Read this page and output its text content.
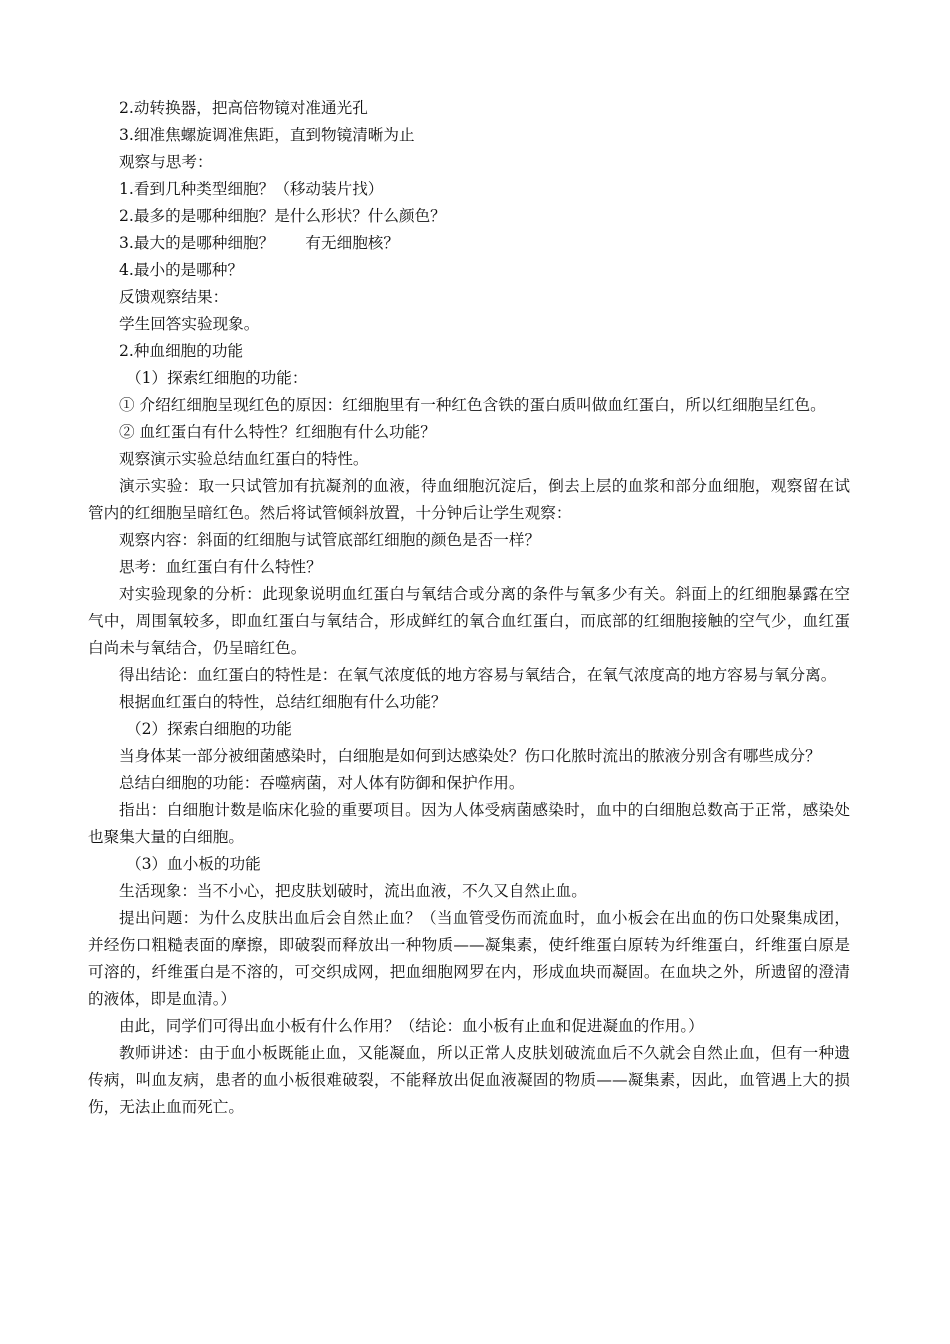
2.动转换器，把高倍物镜对准通光孔

3.细准焦螺旋调准焦距，直到物镜清晰为止

观察与思考：

1.看到几种类型细胞？（移动装片找）

2.最多的是哪种细胞？是什么形状？什么颜色？

3.最大的是哪种细胞？　　有无细胞核？

4.最小的是哪种？

反馈观察结果：

学生回答实验现象。

2.种血细胞的功能

（1）探索红细胞的功能：

① 介绍红细胞呈现红色的原因：红细胞里有一种红色含铁的蛋白质叫做血红蛋白，所以红细胞呈红色。

② 血红蛋白有什么特性？红细胞有什么功能？

观察演示实验总结血红蛋白的特性。

演示实验：取一只试管加有抗凝剂的血液，待血细胞沉淀后，倒去上层的血浆和部分血细胞，观察留在试管内的红细胞呈暗红色。然后将试管倾斜放置，十分钟后让学生观察：

观察内容：斜面的红细胞与试管底部红细胞的颜色是否一样？

思考：血红蛋白有什么特性？

对实验现象的分析：此现象说明血红蛋白与氧结合或分离的条件与氧多少有关。斜面上的红细胞暴露在空气中，周围氧较多，即血红蛋白与氧结合，形成鲜红的氧合血红蛋白，而底部的红细胞接触的空气少，血红蛋白尚未与氧结合，仍呈暗红色。

得出结论：血红蛋白的特性是：在氧气浓度低的地方容易与氧结合，在氧气浓度高的地方容易与氧分离。

根据血红蛋白的特性，总结红细胞有什么功能？

（2）探索白细胞的功能

当身体某一部分被细菌感染时，白细胞是如何到达感染处？伤口化脓时流出的脓液分别含有哪些成分？

总结白细胞的功能：吞噬病菌，对人体有防御和保护作用。

指出：白细胞计数是临床化验的重要项目。因为人体受病菌感染时，血中的白细胞总数高于正常，感染处也聚集大量的白细胞。

（3）血小板的功能

生活现象：当不小心，把皮肤划破时，流出血液，不久又自然止血。

提出问题：为什么皮肤出血后会自然止血？（当血管受伤而流血时，血小板会在出血的伤口处聚集成团，并经伤口粗糙表面的摩擦，即破裂而释放出一种物质——凝集素，使纤维蛋白原转为纤维蛋白，纤维蛋白原是可溶的，纤维蛋白是不溶的，可交织成网，把血细胞网罗在内，形成血块而凝固。在血块之外，所遗留的澄清的液体，即是血清。）

由此，同学们可得出血小板有什么作用？（结论：血小板有止血和促进凝血的作用。）

教师讲述：由于血小板既能止血，又能凝血，所以正常人皮肤划破流血后不久就会自然止血，但有一种遗传病，叫血友病，患者的血小板很难破裂，不能释放出促血液凝固的物质——凝集素，因此，血管遇上大的损伤，无法止血而死亡。
